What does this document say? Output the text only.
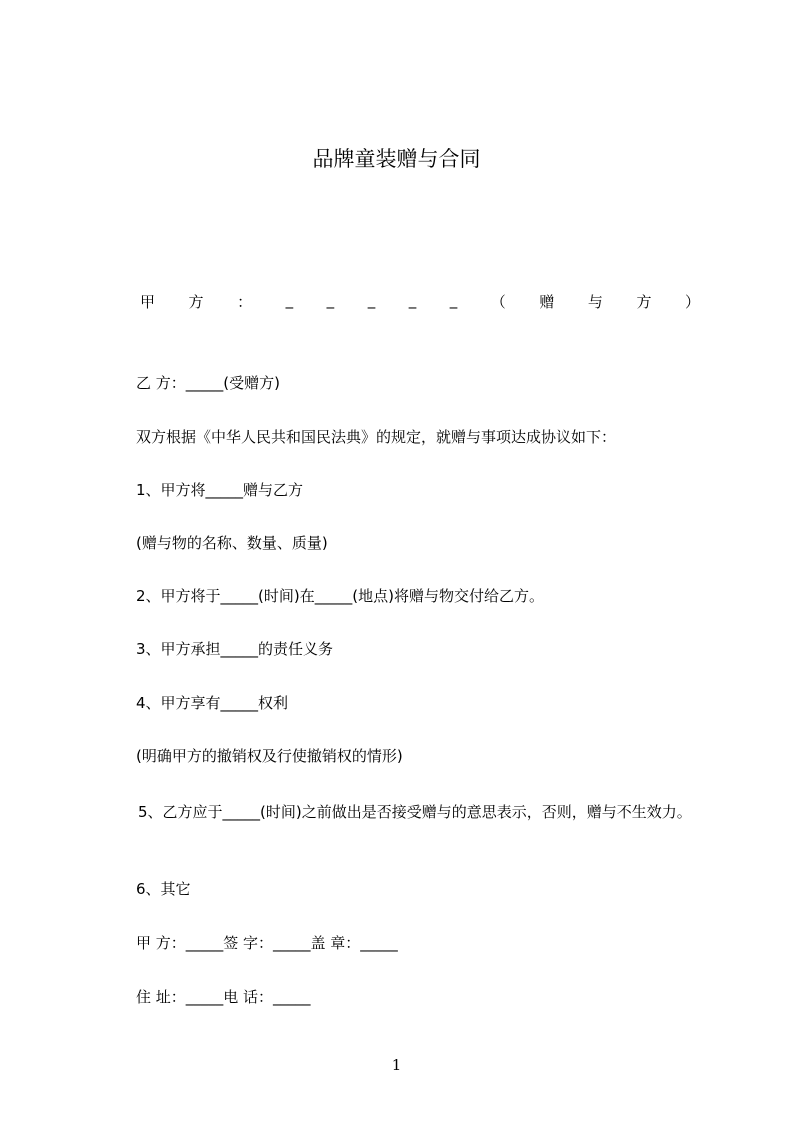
品牌童装赠与合同
甲 方 ： _ _ _ _ _ （ 赠 与 方 ）
乙 方：_____(受赠方)
双方根据《中华人民共和国民法典》的规定，就赠与事项达成协议如下：
1、甲方将_____赠与乙方
(赠与物的名称、数量、质量)
2、甲方将于_____(时间)在_____(地点)将赠与物交付给乙方。
3、甲方承担_____的责任义务
4、甲方享有_____权利
(明确甲方的撤销权及行使撤销权的情形)
5、乙方应于_____(时间)之前做出是否接受赠与的意思表示，否则，赠与不生效力。
6、其它
甲 方：_____签 字：_____盖 章：_____
住 址：_____电 话：_____
1
